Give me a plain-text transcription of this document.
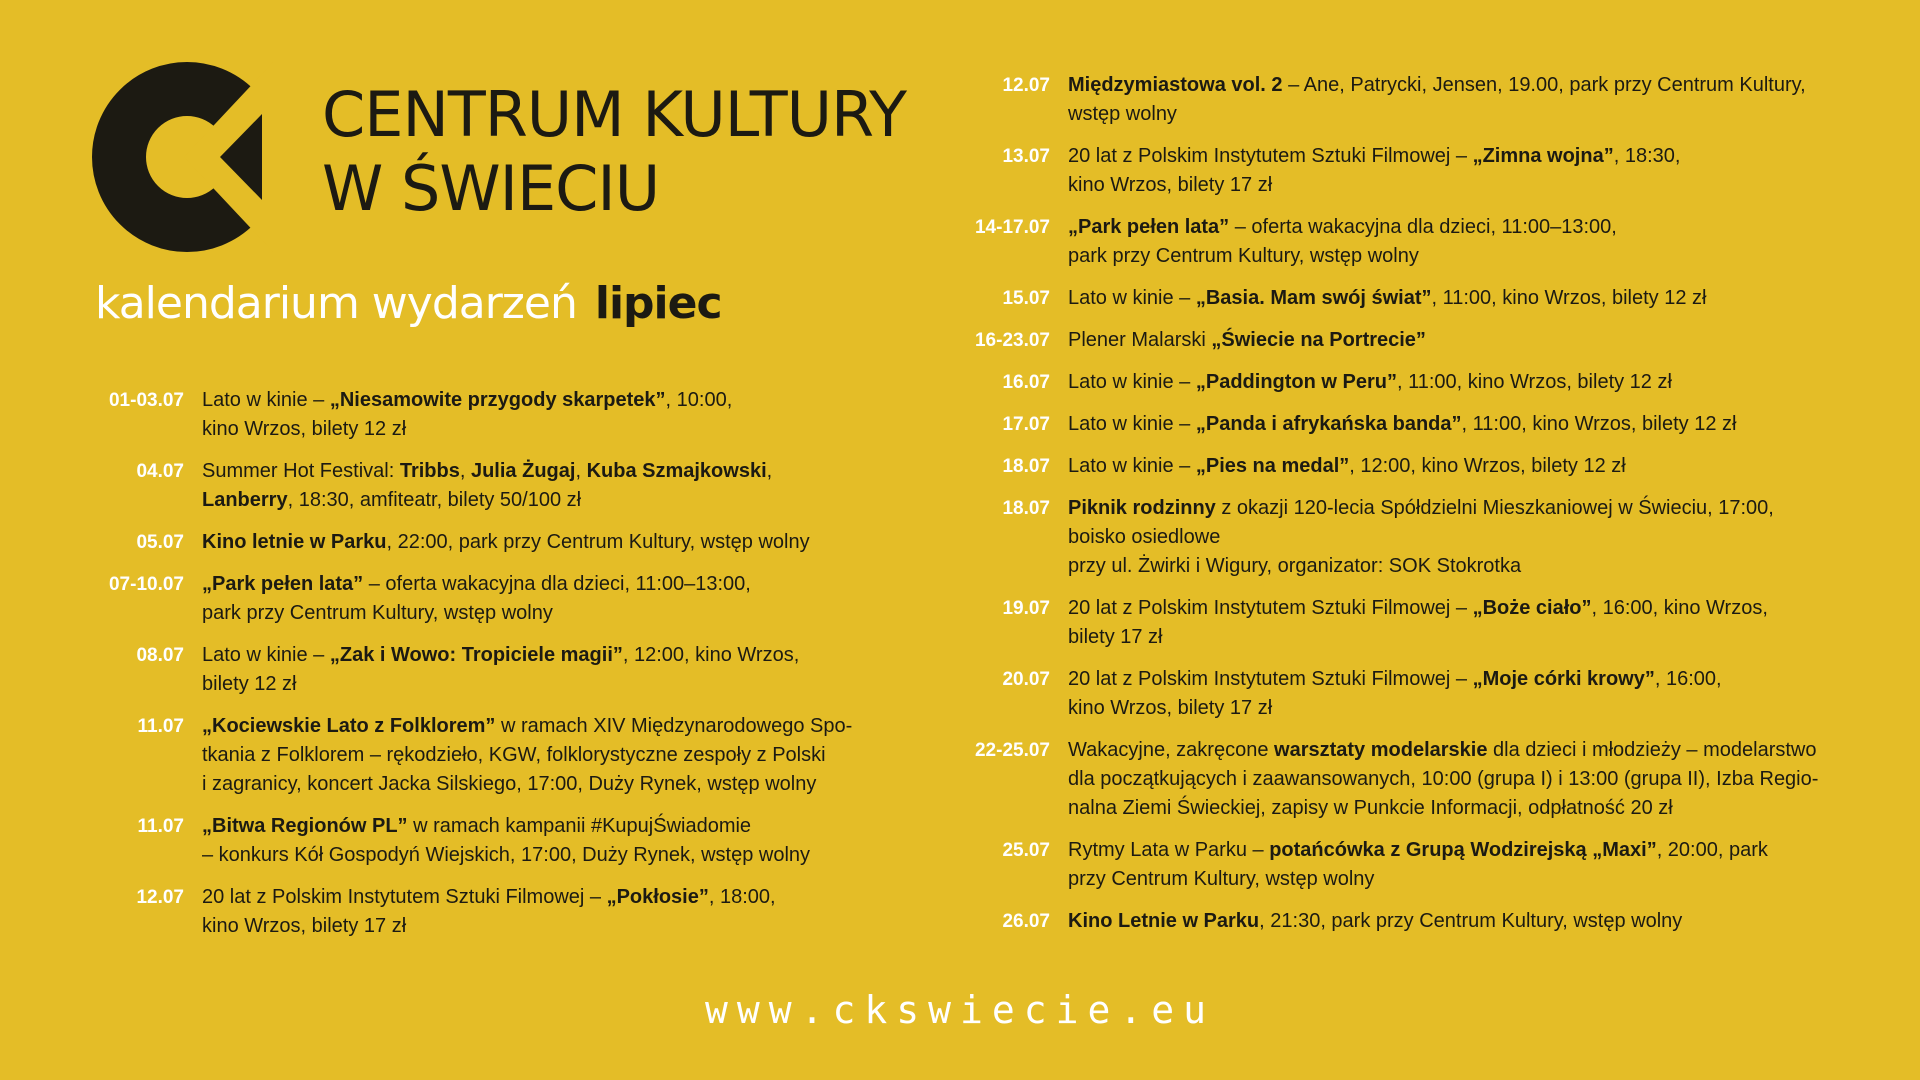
CENTRUM KULTURY
W ŚWIECIU
kalendarium wydarzeń lipiec
01-03.07 Lato w kinie – „Niesamowite przygody skarpetek”, 10:00,
kino Wrzos, bilety 12 zł
04.07 Summer Hot Festival: Tribbs, Julia Żugaj, Kuba Szmajkowski,
Lanberry, 18:30, amfiteatr, bilety 50/100 zł
05.07 Kino letnie w Parku, 22:00, park przy Centrum Kultury, wstęp wolny
07-10.07 „Park pełen lata” – oferta wakacyjna dla dzieci, 11:00–13:00,
park przy Centrum Kultury, wstęp wolny
08.07 Lato w kinie – „Zak i Wowo: Tropiciele magii”, 12:00, kino Wrzos,
bilety 12 zł
11.07 „Kociewskie Lato z Folklorem” w ramach XIV Międzynarodowego Spo-
tkania z Folklorem – rękodzieło, KGW, folklorystyczne zespoły z Polski
i zagranicy, koncert Jacka Silskiego, 17:00, Duży Rynek, wstęp wolny
11.07 „Bitwa Regionów PL” w ramach kampanii #KupujŚwiadomie
– konkurs Kół Gospodyń Wiejskich, 17:00, Duży Rynek, wstęp wolny
12.07 20 lat z Polskim Instytutem Sztuki Filmowej – „Pokłosie”, 18:00,
kino Wrzos, bilety 17 zł
12.07 Międzymiastowa vol. 2 – Ane, Patrycki, Jensen, 19.00, park przy Centrum Kultury,
wstęp wolny
13.07 20 lat z Polskim Instytutem Sztuki Filmowej – „Zimna wojna”, 18:30,
kino Wrzos, bilety 17 zł
14-17.07 „Park pełen lata” – oferta wakacyjna dla dzieci, 11:00–13:00,
park przy Centrum Kultury, wstęp wolny
15.07 Lato w kinie – „Basia. Mam swój świat”, 11:00, kino Wrzos, bilety 12 zł
16-23.07 Plener Malarski „Świecie na Portrecie”
16.07 Lato w kinie – „Paddington w Peru”, 11:00, kino Wrzos, bilety 12 zł
17.07 Lato w kinie – „Panda i afrykańska banda”, 11:00, kino Wrzos, bilety 12 zł
18.07 Lato w kinie – „Pies na medal”, 12:00, kino Wrzos, bilety 12 zł
18.07 Piknik rodzinny z okazji 120-lecia Spółdzielni Mieszkaniowej w Świeciu, 17:00,
boisko osiedlowe
przy ul. Żwirki i Wigury, organizator: SOK Stokrotka
19.07 20 lat z Polskim Instytutem Sztuki Filmowej – „Boże ciało”, 16:00, kino Wrzos,
bilety 17 zł
20.07 20 lat z Polskim Instytutem Sztuki Filmowej – „Moje córki krowy”, 16:00,
kino Wrzos, bilety 17 zł
22-25.07 Wakacyjne, zakręcone warsztaty modelarskie dla dzieci i młodzieży – modelarstwo
dla początkujących i zaawansowanych, 10:00 (grupa I) i 13:00 (grupa II), Izba Regio-
nalna Ziemi Świeckiej, zapisy w Punkcie Informacji, odpłatność 20 zł
25.07 Rytmy Lata w Parku – potańcówka z Grupą Wodzirejską „Maxi”, 20:00, park
przy Centrum Kultury, wstęp wolny
26.07 Kino Letnie w Parku, 21:30, park przy Centrum Kultury, wstęp wolny
www.ckswiecie.eu
